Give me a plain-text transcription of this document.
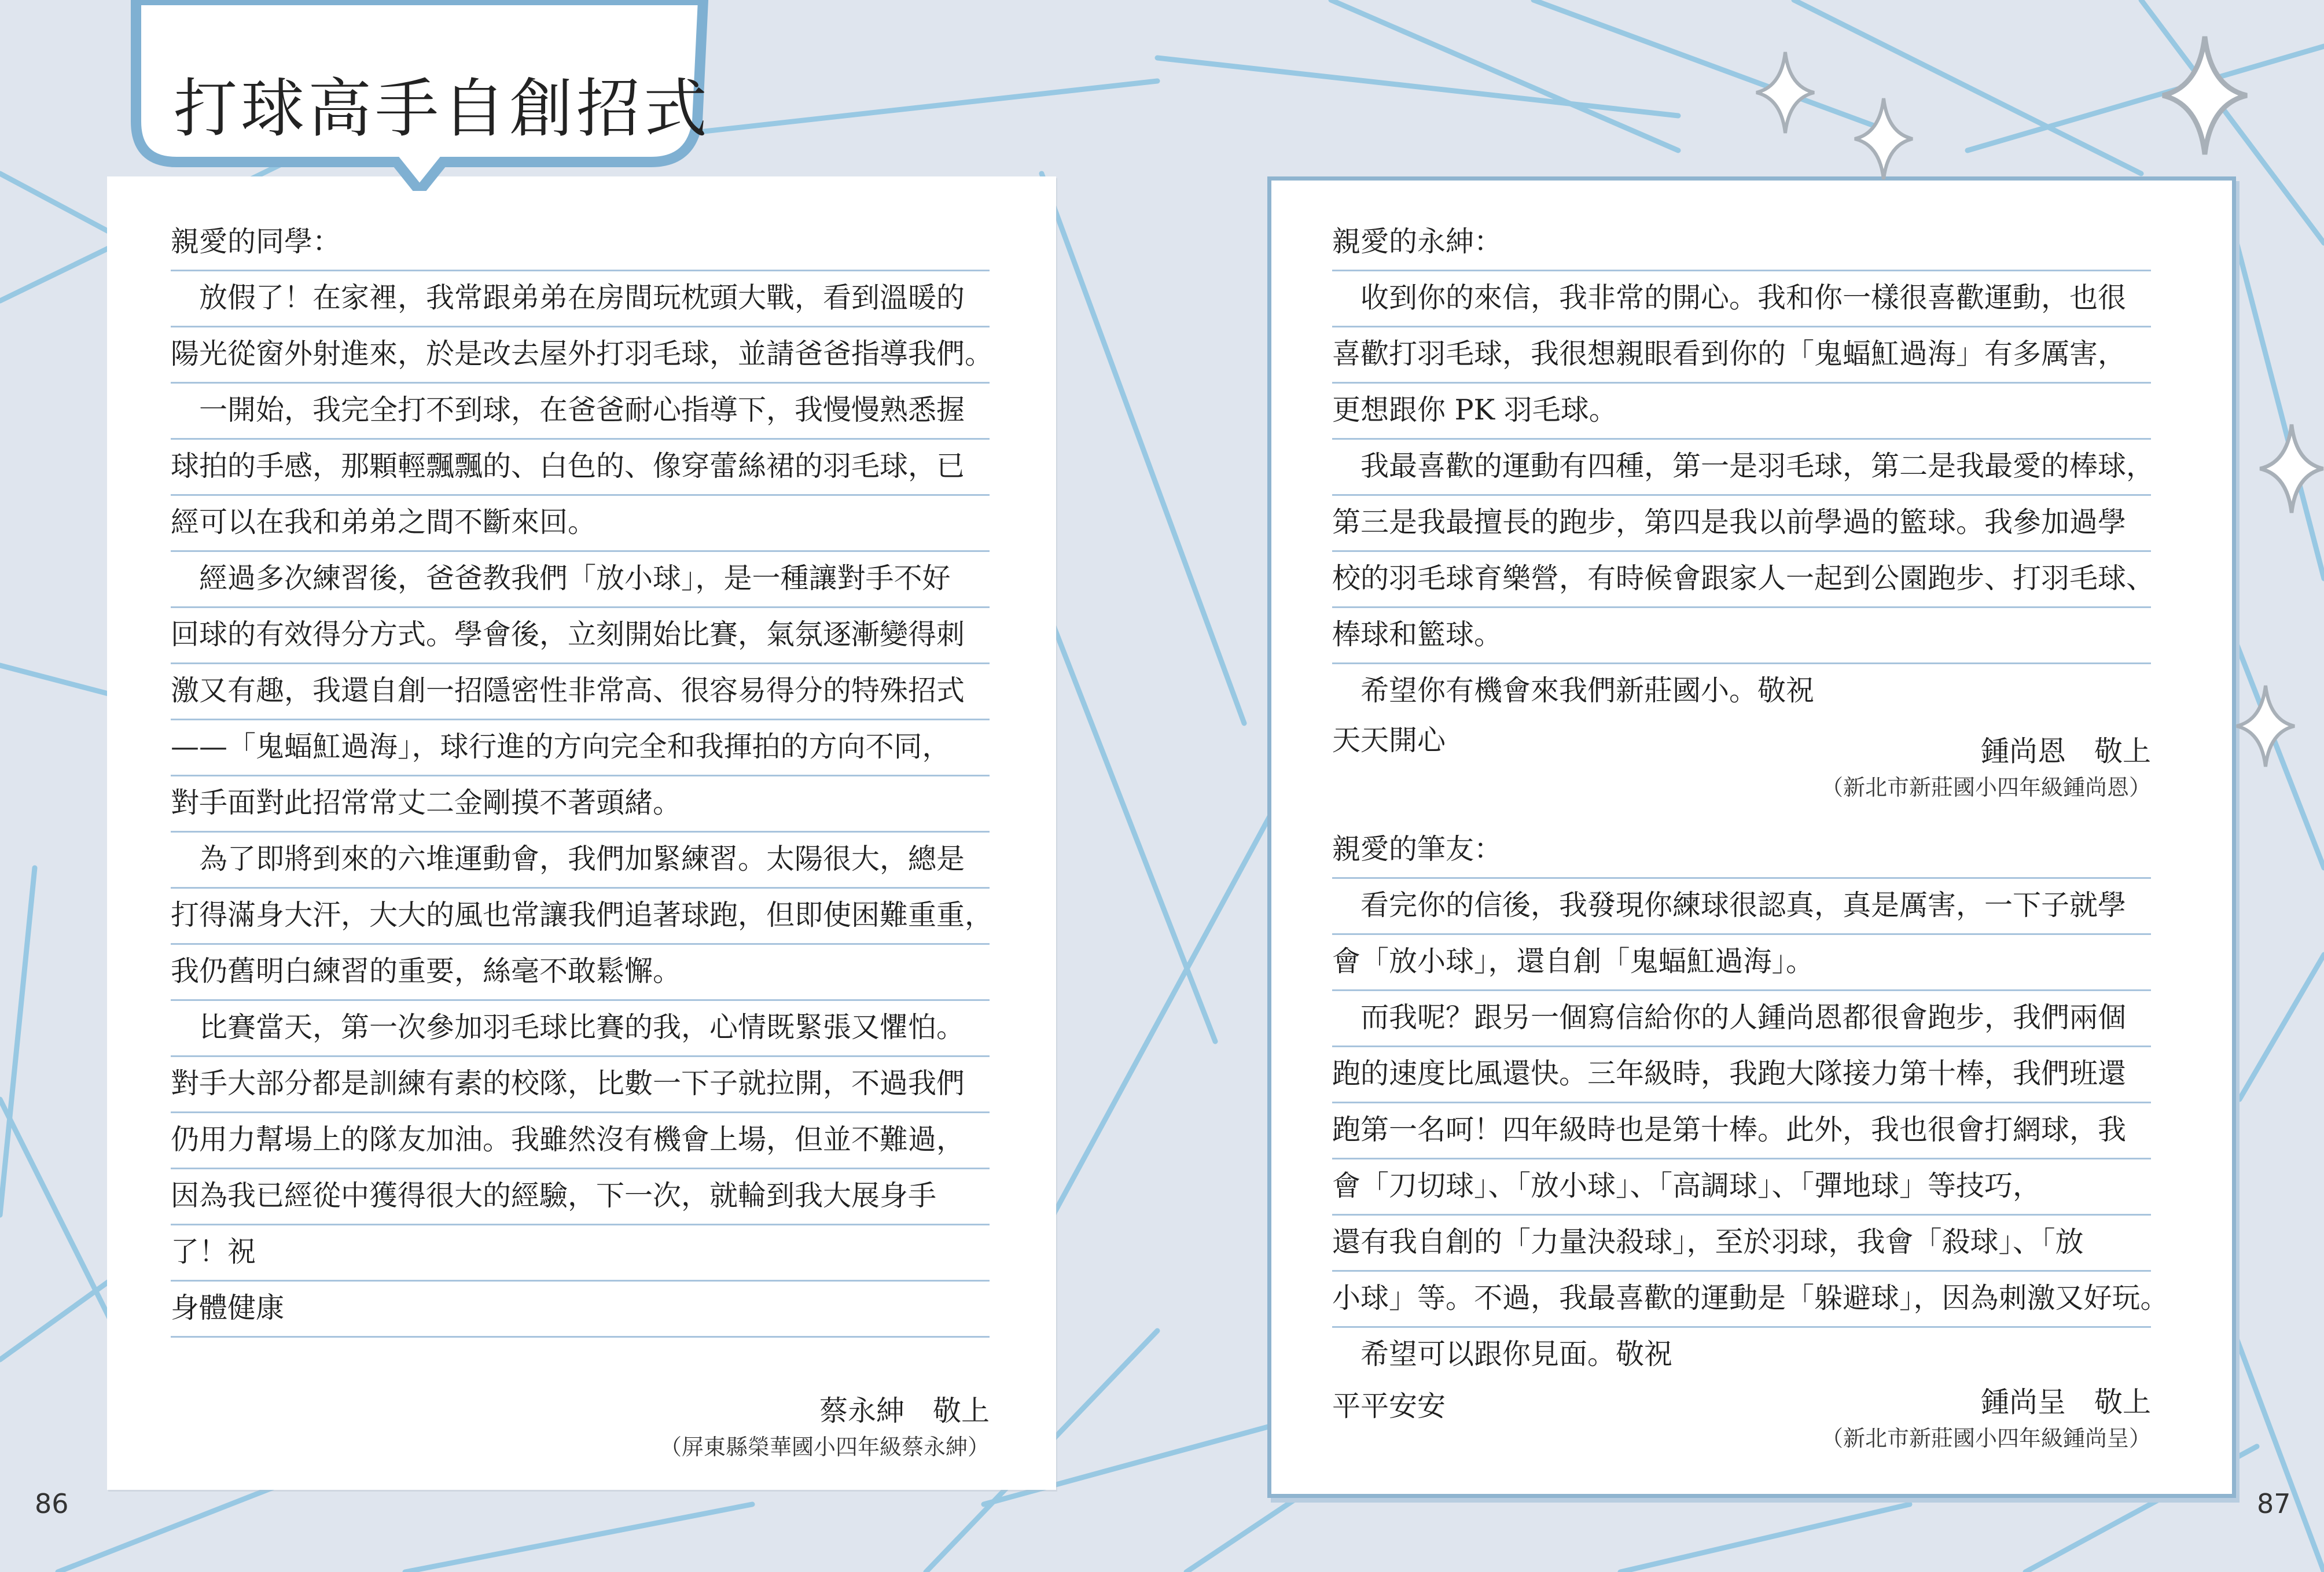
打球高手自創招式
親愛的同學：
　放假了！在家裡，我常跟弟弟在房間玩枕頭大戰，看到溫暖的
陽光從窗外射進來，於是改去屋外打羽毛球，並請爸爸指導我們。
　一開始，我完全打不到球，在爸爸耐心指導下，我慢慢熟悉握
球拍的手感，那顆輕飄飄的、白色的、像穿蕾絲裙的羽毛球，已
經可以在我和弟弟之間不斷來回。
　經過多次練習後，爸爸教我們「放小球」，是一種讓對手不好
回球的有效得分方式。學會後，立刻開始比賽，氣氛逐漸變得刺
激又有趣，我還自創一招隱密性非常高、很容易得分的特殊招式
——「鬼蝠魟過海」，球行進的方向完全和我揮拍的方向不同，
對手面對此招常常丈二金剛摸不著頭緒。
　為了即將到來的六堆運動會，我們加緊練習。太陽很大，總是
打得滿身大汗，大大的風也常讓我們追著球跑，但即使困難重重，
我仍舊明白練習的重要，絲毫不敢鬆懈。
　比賽當天，第一次參加羽毛球比賽的我，心情既緊張又懼怕。
對手大部分都是訓練有素的校隊，比數一下子就拉開，不過我們
仍用力幫場上的隊友加油。我雖然沒有機會上場，但並不難過，
因為我已經從中獲得很大的經驗，下一次，就輪到我大展身手
了！祝
身體健康
蔡永紳　敬上
（屏東縣榮華國小四年級蔡永紳）
親愛的永紳：
　收到你的來信，我非常的開心。我和你一樣很喜歡運動，也很
喜歡打羽毛球，我很想親眼看到你的「鬼蝠魟過海」有多厲害，
更想跟你 PK 羽毛球。
　我最喜歡的運動有四種，第一是羽毛球，第二是我最愛的棒球，
第三是我最擅長的跑步，第四是我以前學過的籃球。我參加過學
校的羽毛球育樂營，有時候會跟家人一起到公園跑步、打羽毛球、
棒球和籃球。
　希望你有機會來我們新莊國小。敬祝
天天開心	鍾尚恩　敬上
（新北市新莊國小四年級鍾尚恩）
親愛的筆友：
　看完你的信後，我發現你練球很認真，真是厲害，一下子就學
會「放小球」，還自創「鬼蝠魟過海」。
　而我呢？跟另一個寫信給你的人鍾尚恩都很會跑步，我們兩個
跑的速度比風還快。三年級時，我跑大隊接力第十棒，我們班還
跑第一名呵！四年級時也是第十棒。此外，我也很會打網球，我
會「刀切球」、「放小球」、「高調球」、「彈地球」等技巧，
還有我自創的「力量決殺球」，至於羽球，我會「殺球」、「放
小球」等。不過，我最喜歡的運動是「躲避球」，因為刺激又好玩。
　希望可以跟你見面。敬祝
平平安安	鍾尚呈　敬上
（新北市新莊國小四年級鍾尚呈）
86	87
